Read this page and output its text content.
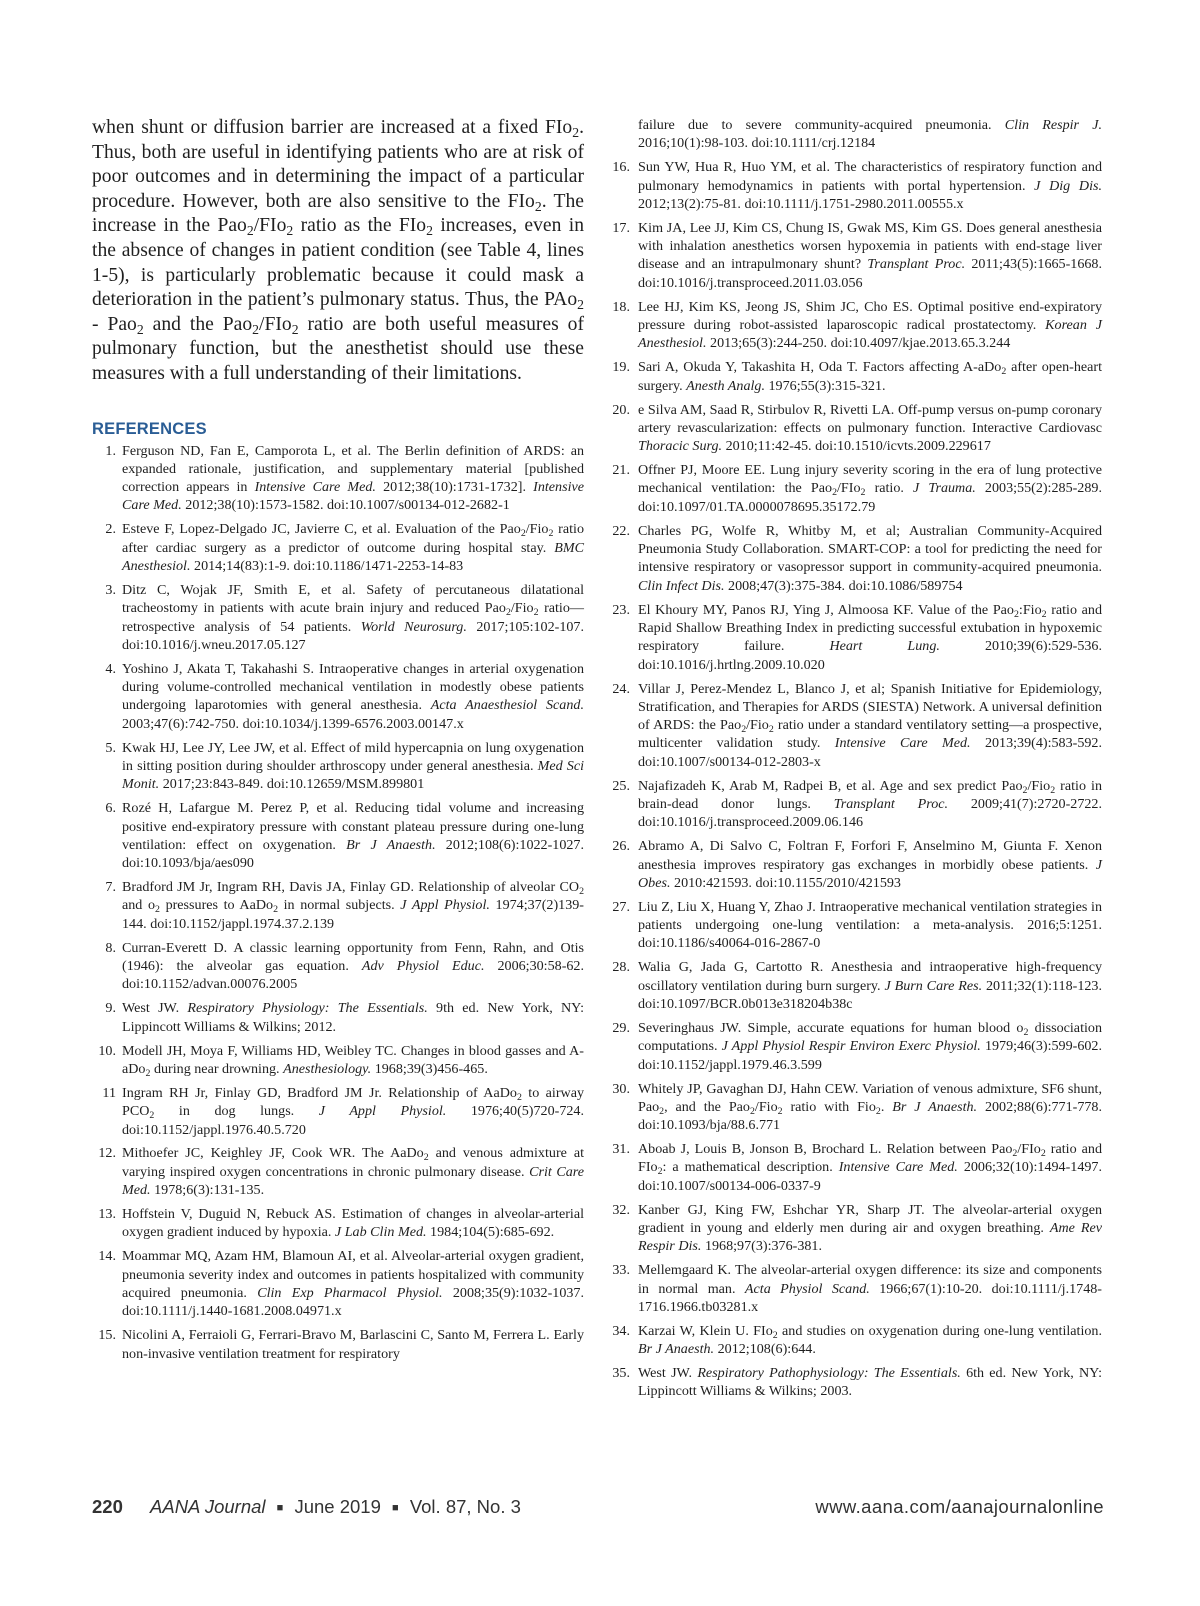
when shunt or diffusion barrier are increased at a fixed FIo$_2$. Thus, both are useful in identifying patients who are at risk of poor outcomes and in determining the impact of a particular procedure. However, both are also sensitive to the FIo$_2$. The increase in the Pao$_2$/FIo$_2$ ratio as the FIo$_2$ increases, even in the absence of changes in patient condition (see Table 4, lines 1-5), is particularly problematic because it could mask a deterioration in the patient’s pulmonary status. Thus, the PAo$_2$ - Pao$_2$ and the Pao$_2$/FIo$_2$ ratio are both useful measures of pulmonary function, but the anesthetist should use these measures with a full understanding of their limitations.

REFERENCES
1. Ferguson ND, Fan E, Camporota L, et al. The Berlin definition of ARDS: an expanded rationale, justification, and supplementary material [published correction appears in Intensive Care Med. 2012;38(10):1731-1732]. Intensive Care Med. 2012;38(10):1573-1582. doi:10.1007/s00134-012-2682-1
2. Esteve F, Lopez-Delgado JC, Javierre C, et al. Evaluation of the Pao$_2$/Fio$_2$ ratio after cardiac surgery as a predictor of outcome during hospital stay. BMC Anesthesiol. 2014;14(83):1-9. doi:10.1186/1471-2253-14-83
3. Ditz C, Wojak JF, Smith E, et al. Safety of percutaneous dilatational tracheostomy in patients with acute brain injury and reduced Pao$_2$/Fio$_2$ ratio—retrospective analysis of 54 patients. World Neurosurg. 2017;105:102-107. doi:10.1016/j.wneu.2017.05.127
4. Yoshino J, Akata T, Takahashi S. Intraoperative changes in arterial oxygenation during volume-controlled mechanical ventilation in modestly obese patients undergoing laparotomies with general anesthesia. Acta Anaesthesiol Scand. 2003;47(6):742-750. doi:10.1034/j.1399-6576.2003.00147.x
5. Kwak HJ, Lee JY, Lee JW, et al. Effect of mild hypercapnia on lung oxygenation in sitting position during shoulder arthroscopy under general anesthesia. Med Sci Monit. 2017;23:843-849. doi:10.12659/MSM.899801
6. Rozé H, Lafargue M. Perez P, et al. Reducing tidal volume and increasing positive end-expiratory pressure with constant plateau pressure during one-lung ventilation: effect on oxygenation. Br J Anaesth. 2012;108(6):1022-1027. doi:10.1093/bja/aes090
7. Bradford JM Jr, Ingram RH, Davis JA, Finlay GD. Relationship of alveolar $CO_2$ and $o_2$ pressures to AaDo$_2$ in normal subjects. J Appl Physiol. 1974;37(2)139-144. doi:10.1152/jappl.1974.37.2.139
8. Curran-Everett D. A classic learning opportunity from Fenn, Rahn, and Otis (1946): the alveolar gas equation. Adv Physiol Educ. 2006;30:58-62. doi:10.1152/advan.00076.2005
9. West JW. Respiratory Physiology: The Essentials. 9th ed. New York, NY: Lippincott Williams & Wilkins; 2012.
10. Modell JH, Moya F, Williams HD, Weibley TC. Changes in blood gasses and A-aDo$_2$ during near drowning. Anesthesiology. 1968;39(3)456-465.
11 Ingram RH Jr, Finlay GD, Bradford JM Jr. Relationship of AaDo$_2$ to airway $PCO_2$ in dog lungs. J Appl Physiol. 1976;40(5)720-724. doi:10.1152/jappl.1976.40.5.720
12. Mithoefer JC, Keighley JF, Cook WR. The AaDo$_2$ and venous admixture at varying inspired oxygen concentrations in chronic pulmonary disease. Crit Care Med. 1978;6(3):131-135.
13. Hoffstein V, Duguid N, Rebuck AS. Estimation of changes in alveolar-arterial oxygen gradient induced by hypoxia. J Lab Clin Med. 1984;104(5):685-692.
14. Moammar MQ, Azam HM, Blamoun AI, et al. Alveolar-arterial oxygen gradient, pneumonia severity index and outcomes in patients hospitalized with community acquired pneumonia. Clin Exp Pharmacol Physiol. 2008;35(9):1032-1037. doi:10.1111/j.1440-1681.2008.04971.x
15. Nicolini A, Ferraioli G, Ferrari-Bravo M, Barlascini C, Santo M, Ferrera L. Early non-invasive ventilation treatment for respiratory
failure due to severe community-acquired pneumonia. Clin Respir J. 2016;10(1):98-103. doi:10.1111/crj.12184
16. Sun YW, Hua R, Huo YM, et al. The characteristics of respiratory function and pulmonary hemodynamics in patients with portal hypertension. J Dig Dis. 2012;13(2):75-81. doi:10.1111/j.1751-2980.2011.00555.x
17. Kim JA, Lee JJ, Kim CS, Chung IS, Gwak MS, Kim GS. Does general anesthesia with inhalation anesthetics worsen hypoxemia in patients with end-stage liver disease and an intrapulmonary shunt? Transplant Proc. 2011;43(5):1665-1668. doi:10.1016/j.transproceed.2011.03.056
18. Lee HJ, Kim KS, Jeong JS, Shim JC, Cho ES. Optimal positive end-expiratory pressure during robot-assisted laparoscopic radical prostatectomy. Korean J Anesthesiol. 2013;65(3):244-250. doi:10.4097/kjae.2013.65.3.244
19. Sari A, Okuda Y, Takashita H, Oda T. Factors affecting A-aDo$_2$ after open-heart surgery. Anesth Analg. 1976;55(3):315-321.
20. e Silva AM, Saad R, Stirbulov R, Rivetti LA. Off-pump versus on-pump coronary artery revascularization: effects on pulmonary function. Interactive Cardiovasc Thoracic Surg. 2010;11:42-45. doi:10.1510/icvts.2009.229617
21. Offner PJ, Moore EE. Lung injury severity scoring in the era of lung protective mechanical ventilation: the Pao$_2$/FIo$_2$ ratio. J Trauma. 2003;55(2):285-289. doi:10.1097/01.TA.0000078695.35172.79
22. Charles PG, Wolfe R, Whitby M, et al; Australian Community-Acquired Pneumonia Study Collaboration. SMART-COP: a tool for predicting the need for intensive respiratory or vasopressor support in community-acquired pneumonia. Clin Infect Dis. 2008;47(3):375-384. doi:10.1086/589754
23. El Khoury MY, Panos RJ, Ying J, Almoosa KF. Value of the Pao$_2$:Fio$_2$ ratio and Rapid Shallow Breathing Index in predicting successful extubation in hypoxemic respiratory failure. Heart Lung. 2010;39(6):529-536. doi:10.1016/j.hrtlng.2009.10.020
24. Villar J, Perez-Mendez L, Blanco J, et al; Spanish Initiative for Epidemiology, Stratification, and Therapies for ARDS (SIESTA) Network. A universal definition of ARDS: the Pao$_2$/Fio$_2$ ratio under a standard ventilatory setting—a prospective, multicenter validation study. Intensive Care Med. 2013;39(4):583-592. doi:10.1007/s00134-012-2803-x
25. Najafizadeh K, Arab M, Radpei B, et al. Age and sex predict Pao$_2$/Fio$_2$ ratio in brain-dead donor lungs. Transplant Proc. 2009;41(7):2720-2722. doi:10.1016/j.transproceed.2009.06.146
26. Abramo A, Di Salvo C, Foltran F, Forfori F, Anselmino M, Giunta F. Xenon anesthesia improves respiratory gas exchanges in morbidly obese patients. J Obes. 2010:421593. doi:10.1155/2010/421593
27. Liu Z, Liu X, Huang Y, Zhao J. Intraoperative mechanical ventilation strategies in patients undergoing one-lung ventilation: a meta-analysis. 2016;5:1251. doi:10.1186/s40064-016-2867-0
28. Walia G, Jada G, Cartotto R. Anesthesia and intraoperative high-frequency oscillatory ventilation during burn surgery. J Burn Care Res. 2011;32(1):118-123. doi:10.1097/BCR.0b013e318204b38c
29. Severinghaus JW. Simple, accurate equations for human blood $o_2$ dissociation computations. J Appl Physiol Respir Environ Exerc Physiol. 1979;46(3):599-602. doi:10.1152/jappl.1979.46.3.599
30. Whitely JP, Gavaghan DJ, Hahn CEW. Variation of venous admixture, SF6 shunt, Pao$_2$, and the Pao$_2$/Fio$_2$ ratio with Fio$_2$. Br J Anaesth. 2002;88(6):771-778. doi:10.1093/bja/88.6.771
31. Aboab J, Louis B, Jonson B, Brochard L. Relation between Pao$_2$/FIo$_2$ ratio and FIo$_2$: a mathematical description. Intensive Care Med. 2006;32(10):1494-1497. doi:10.1007/s00134-006-0337-9
32. Kanber GJ, King FW, Eshchar YR, Sharp JT. The alveolar-arterial oxygen gradient in young and elderly men during air and oxygen breathing. Ame Rev Respir Dis. 1968;97(3):376-381.
33. Mellemgaard K. The alveolar-arterial oxygen difference: its size and components in normal man. Acta Physiol Scand. 1966;67(1):10-20. doi:10.1111/j.1748-1716.1966.tb03281.x
34. Karzai W, Klein U. FIo$_2$ and studies on oxygenation during one-lung ventilation. Br J Anaesth. 2012;108(6):644.
35. West JW. Respiratory Pathophysiology: The Essentials. 6th ed. New York, NY: Lippincott Williams & Wilkins; 2003.
220 AANA Journal ■ June 2019 ■ Vol. 87, No. 3	www.aana.com/aanajournalonline
